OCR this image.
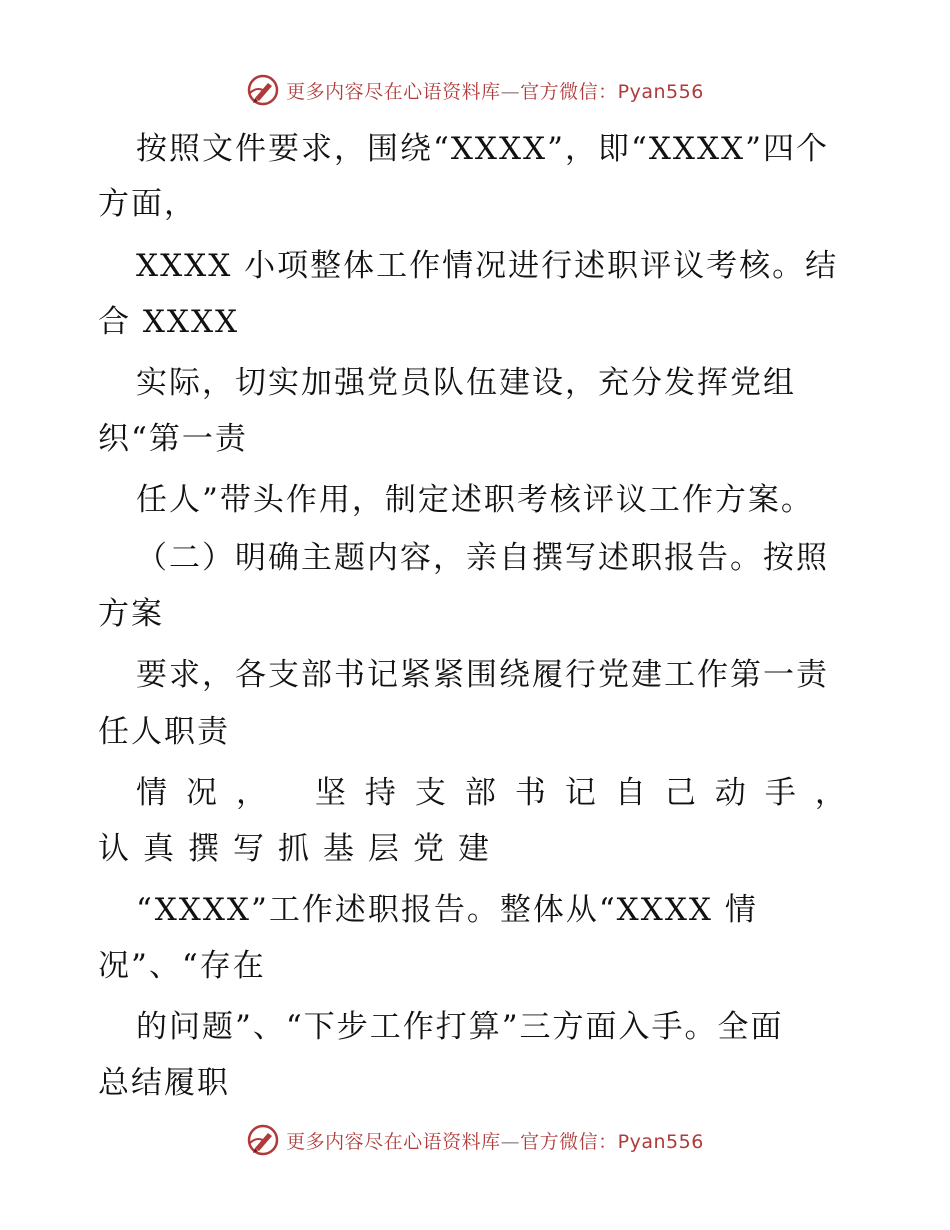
更多内容尽在心语资料库—官方微信：Pyan556
按照文件要求，围绕“XXXX”，即“XXXX”四个
方面，
XXXX 小项整体工作情况进行述职评议考核。结
合 XXXX
实际，切实加强党员队伍建设，充分发挥党组
织“第一责
任人”带头作用，制定述职考核评议工作方案。
（二）明确主题内容，亲自撰写述职报告。按照
方案
要求，各支部书记紧紧围绕履行党建工作第一责
任人职责
情况， 坚持支部书记自己动手，
认真撰写抓基层党建
“XXXX”工作述职报告。整体从“XXXX 情
况”、“存在
的问题”、“下步工作打算”三方面入手。全面
总结履职
更多内容尽在心语资料库—官方微信：Pyan556
